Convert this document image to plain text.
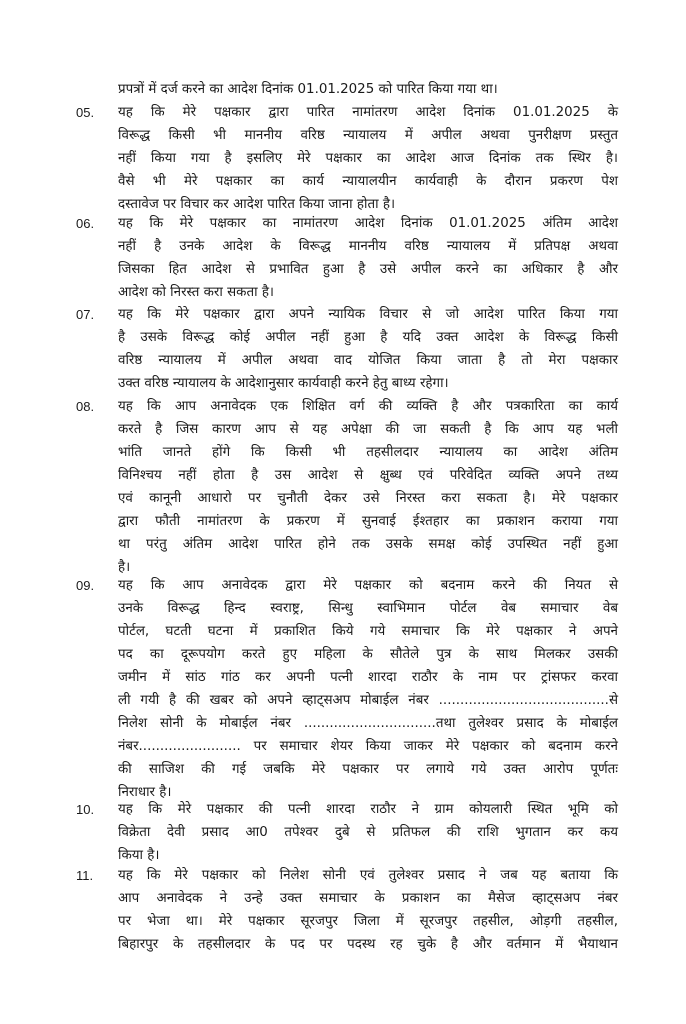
प्रपत्रों में दर्ज करने का आदेश दिनांक 01.01.2025 को पारित किया गया था।
05. यह कि मेरे पक्षकार द्वारा पारित नामांतरण आदेश दिनांक 01.01.2025 के
विरूद्ध किसी भी माननीय वरिष्ठ न्यायालय में अपील अथवा पुनरीक्षण प्रस्तुत
नहीं किया गया है इसलिए मेरे पक्षकार का आदेश आज दिनांक तक स्थिर है।
वैसे भी मेरे पक्षकार का कार्य न्यायालयीन कार्यवाही के दौरान प्रकरण पेश
दस्तावेज पर विचार कर आदेश पारित किया जाना होता है।
06. यह कि मेरे पक्षकार का नामांतरण आदेश दिनांक 01.01.2025 अंतिम आदेश
नहीं है उनके आदेश के विरूद्ध माननीय वरिष्ठ न्यायालय में प्रतिपक्ष अथवा
जिसका हित आदेश से प्रभावित हुआ है उसे अपील करने का अधिकार है और
आदेश को निरस्त करा सकता है।
07. यह कि मेरे पक्षकार द्वारा अपने न्यायिक विचार से जो आदेश पारित किया गया
है उसके विरूद्ध कोई अपील नहीं हुआ है यदि उक्त आदेश के विरूद्ध किसी
वरिष्ठ न्यायालय में अपील अथवा वाद योजित किया जाता है तो मेरा पक्षकार
उक्त वरिष्ठ न्यायालय के आदेशानुसार कार्यवाही करने हेतु बाध्य रहेगा।
08. यह कि आप अनावेदक एक शिक्षित वर्ग की व्यक्ति है और पत्रकारिता का कार्य
करते है जिस कारण आप से यह अपेक्षा की जा सकती है कि आप यह भली
भांति जानते होंगे कि किसी भी तहसीलदार न्यायालय का आदेश अंतिम
विनिश्चय नहीं होता है उस आदेश से क्षुब्ध एवं परिवेदित व्यक्ति अपने तथ्य
एवं कानूनी आधारो पर चुनौती देकर उसे निरस्त करा सकता है। मेरे पक्षकार
द्वारा फौती नामांतरण के प्रकरण में सुनवाई ईश्तहार का प्रकाशन कराया गया
था परंतु अंतिम आदेश पारित होने तक उसके समक्ष कोई उपस्थित नहीं हुआ
है।
09. यह कि आप अनावेदक द्वारा मेरे पक्षकार को बदनाम करने की नियत से
उनके विरूद्ध हिन्द स्वराष्ट्र, सिन्धु स्वाभिमान पोर्टल वेब समाचार वेब
पोर्टल, घटती घटना में प्रकाशित किये गये समाचार कि मेरे पक्षकार ने अपने
पद का दूरूपयोग करते हुए महिला के सौतेले पुत्र के साथ मिलकर उसकी
जमीन में सांठ गांठ कर अपनी पत्नी शारदा राठौर के नाम पर ट्रांसफर करवा
ली गयी है की खबर को अपने व्हाट्सअप मोबाईल नंबर ........................................से
निलेश सोनी के मोबाईल नंबर ...............................तथा तुलेश्वर प्रसाद के मोबाईल
नंबर........................ पर समाचार शेयर किया जाकर मेरे पक्षकार को बदनाम करने
की साजिश की गई जबकि मेरे पक्षकार पर लगाये गये उक्त आरोप पूर्णतः
निराधार है।
10. यह कि मेरे पक्षकार की पत्नी शारदा राठौर ने ग्राम कोयलारी स्थित भूमि को
विक्रेता देवी प्रसाद आ0 तपेश्वर दुबे से प्रतिफल की राशि भुगतान कर कय
किया है।
11. यह कि मेरे पक्षकार को निलेश सोनी एवं तुलेश्वर प्रसाद ने जब यह बताया कि
आप अनावेदक ने उन्हे उक्त समाचार के प्रकाशन का मैसेज व्हाट्सअप नंबर
पर भेजा था। मेरे पक्षकार सूरजपुर जिला में सूरजपुर तहसील, ओड़गी तहसील,
बिहारपुर के तहसीलदार के पद पर पदस्थ रह चुके है और वर्तमान में भैयाथान
